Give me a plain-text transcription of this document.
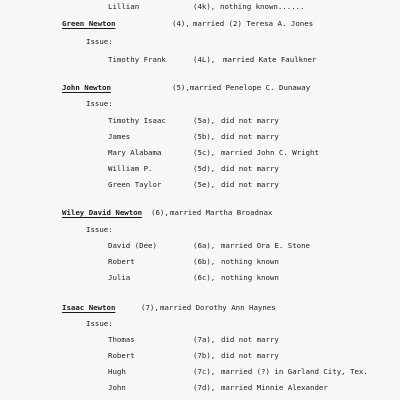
Lillian	(4k), nothing known......
Green Newton	(4), married (2) Teresa A. Jones
Issue:
Timothy Frank	(4L), married Kate Faulkner
John Newton	(5), married Penelope C. Dunaway
Issue:
Timothy Isaac	(5a), did not marry
James	(5b), did not marry
Mary Alabama	(5c), married John C. Wright
William P.	(5d), did not marry
Green Taylor	(5e), did not marry
Wiley David Newton (6), married Martha Broadnax
Issue:
David (Dee)	(6a), married Ora E. Stone
Robert	(6b), nothing known
Julia	(6c), nothing known
Isaac Newton	(7), married Dorothy Ann Haynes
Issue:
Thomas	(7a), did not marry
Robert	(7b), did not marry
Hugh	(7c), married (?) in Garland City, Tex.
John	(7d), married Minnie Alexander
